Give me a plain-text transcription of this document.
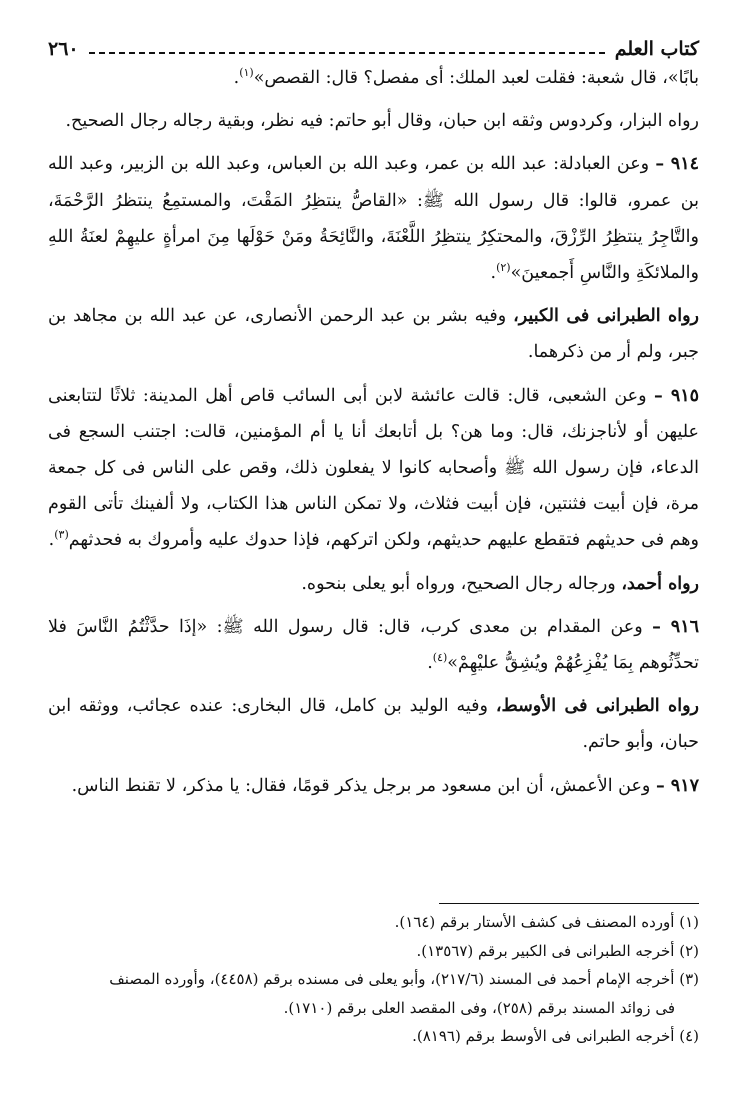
كتاب العلم
٢٦٠

بابًا»، قال شعبة: فقلت لعبد الملك: أى مفصل؟ قال: القصص»$^{(١)}$.

رواه البزار، وكردوس وثقه ابن حبان، وقال أبو حاتم: فيه نظر، وبقية رجاله رجال الصحيح.

٩١٤ – وعن العبادلة: عبد الله بن عمر، وعبد الله بن العباس، وعبد الله بن الزبير، وعبد الله بن عمرو، قالوا: قال رسول الله ﷺ: «القاصُّ ينتظِرُ المَقْتَ، والمستمِعُ ينتظرُ الرَّحْمَةَ، والتَّاجِرُ ينتظِرُ الرِّزْقَ، والمحتكِرُ ينتظِرُ اللَّعْنَةَ، والنَّائِحَةُ ومَنْ حَوْلَها مِنَ امرأةٍ عليهِمْ لعنَةُ اللهِ والملائكَةِ والنَّاسِ أَجمعينَ»$^{(٢)}$.

رواه الطبرانى فى الكبير، وفيه بشر بن عبد الرحمن الأنصارى، عن عبد الله بن مجاهد بن جبر، ولم أر من ذكرهما.

٩١٥ – وعن الشعبى، قال: قالت عائشة لابن أبى السائب قاص أهل المدينة: ثلاثًا لتتابعنى عليهن أو لأناجزنك، قال: وما هن؟ بل أتابعك أنا يا أم المؤمنين، قالت: اجتنب السجع فى الدعاء، فإن رسول الله ﷺ وأصحابه كانوا لا يفعلون ذلك، وقص على الناس فى كل جمعة مرة، فإن أبيت فثنتين، فإن أبيت فثلاث، ولا تمكن الناس هذا الكتاب، ولا ألفينك تأتى القوم وهم فى حديثهم فتقطع عليهم حديثهم، ولكن اتركهم، فإذا حدوك عليه وأمروك به فحدثهم$^{(٣)}$.

رواه أحمد، ورجاله رجال الصحيح، ورواه أبو يعلى بنحوه.

٩١٦ – وعن المقدام بن معدى كرب، قال: قال رسول الله ﷺ: «إذَا حدَّثْتُمُ النَّاسَ فلا تحدِّثُوهم بِمَا يُفْزِعُهُمْ ويُشِقُّ عليْهِمْ»$^{(٤)}$.

رواه الطبرانى فى الأوسط، وفيه الوليد بن كامل، قال البخارى: عنده عجائب، ووثقه ابن حبان، وأبو حاتم.

٩١٧ – وعن الأعمش، أن ابن مسعود مر برجل يذكر قومًا، فقال: يا مذكر، لا تقنط الناس.

(١) أورده المصنف فى كشف الأستار برقم (١٦٤).

(٢) أخرجه الطبرانى فى الكبير برقم (١٣٥٦٧).

(٣) أخرجه الإمام أحمد فى المسند (٢١٧/٦)، وأبو يعلى فى مسنده برقم (٤٤٥٨)، وأورده المصنف

فى زوائد المسند برقم (٢٥٨)، وفى المقصد العلى برقم (١٧١٠).

(٤) أخرجه الطبرانى فى الأوسط برقم (٨١٩٦).
